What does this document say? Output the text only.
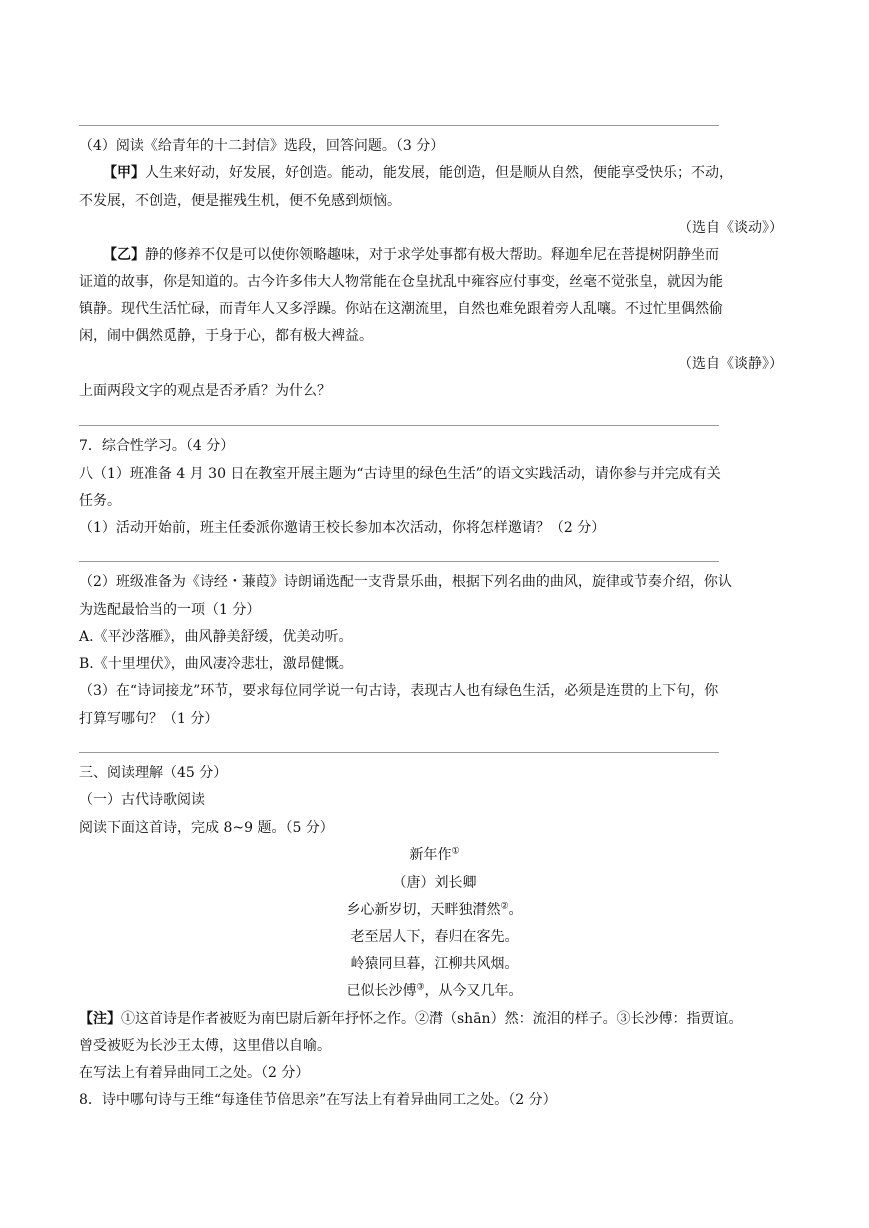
（4）阅读《给青年的十二封信》选段，回答问题。（3 分）
【甲】人生来好动，好发展，好创造。能动，能发展，能创造，但是顺从自然，便能享受快乐；不动，
不发展，不创造，便是摧残生机，便不免感到烦恼。
（选自《谈动》）
【乙】静的修养不仅是可以使你领略趣味，对于求学处事都有极大帮助。释迦牟尼在菩提树阴静坐而
证道的故事，你是知道的。古今许多伟大人物常能在仓皇扰乱中雍容应付事变，丝毫不觉张皇，就因为能
镇静。现代生活忙碌，而青年人又多浮躁。你站在这潮流里，自然也难免跟着旁人乱嚷。不过忙里偶然偷
闲，闹中偶然觅静，于身于心，都有极大裨益。
（选自《谈静》）
上面两段文字的观点是否矛盾？为什么？
7．综合性学习。（4 分）
八（1）班准备 4 月 30 日在教室开展主题为“古诗里的绿色生活”的语文实践活动，请你参与并完成有关
任务。
（1）活动开始前，班主任委派你邀请王校长参加本次活动，你将怎样邀请？（2 分）
（2）班级准备为《诗经・蒹葭》诗朗诵选配一支背景乐曲，根据下列名曲的曲风，旋律或节奏介绍，你认
为选配最恰当的一项（1 分）
A.《平沙落雁》，曲风静美舒缓，优美动听。
B.《十里埋伏》，曲风凄冷悲壮，激昂健慨。
（3）在“诗词接龙”环节，要求每位同学说一句古诗，表现古人也有绿色生活，必须是连贯的上下句，你
打算写哪句？（1 分）
三、阅读理解（45 分）
（一）古代诗歌阅读
阅读下面这首诗，完成 8~9 题。（5 分）
新年作①
（唐）刘长卿
乡心新岁切，天畔独潸然②。
老至居人下，春归在客先。
岭猿同旦暮，江柳共风烟。
已似长沙傅③，从今又几年。
【注】①这首诗是作者被贬为南巴尉后新年抒怀之作。②潸（shān）然：流泪的样子。③长沙傅：指贾谊。
曾受被贬为长沙王太傅，这里借以自喻。
在写法上有着异曲同工之处。（2 分）
8．诗中哪句诗与王维“每逢佳节倍思亲”在写法上有着异曲同工之处。（2 分）
